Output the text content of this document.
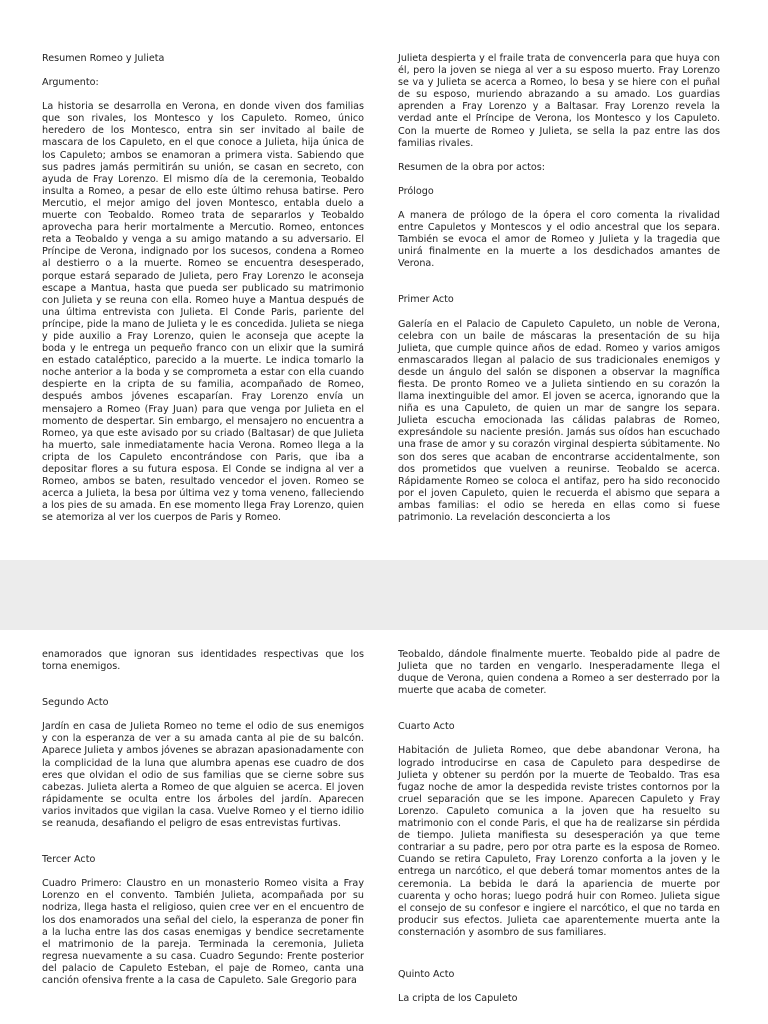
Resumen Romeo y Julieta

Argumento:

La historia se desarrolla en Verona, en donde viven dos familias que son rivales, los Montesco y los Capuleto. Romeo, único heredero de los Montesco, entra sin ser invitado al baile de mascara de los Capuleto, en el que conoce a Julieta, hija única de los Capuleto; ambos se enamoran a primera vista. Sabiendo que sus padres jamás permitirán su unión, se casan en secreto, con ayuda de Fray Lorenzo. El mismo día de la ceremonia, Teobaldo insulta a Romeo, a pesar de ello este último rehusa batirse. Pero Mercutio, el mejor amigo del joven Montesco, entabla duelo a muerte con Teobaldo. Romeo trata de separarlos y Teobaldo aprovecha para herir mortalmente a Mercutio. Romeo, entonces reta a Teobaldo y venga a su amigo matando a su adversario. El Príncipe de Verona, indignado por los sucesos, condena a Romeo al destierro o a la muerte. Romeo se encuentra desesperado, porque estará separado de Julieta, pero Fray Lorenzo le aconseja escape a Mantua, hasta que pueda ser publicado su matrimonio con Julieta y se reuna con ella. Romeo huye a Mantua después de una última entrevista con Julieta. El Conde Paris, pariente del príncipe, pide la mano de Julieta y le es concedida. Julieta se niega y pide auxilio a Fray Lorenzo, quien le aconseja que acepte la boda y le entrega un pequeño franco con un elixir que la sumirá en estado cataléptico, parecido a la muerte. Le indica tomarlo la noche anterior a la boda y se comprometa a estar con ella cuando despierte en la cripta de su familia, acompañado de Romeo, después ambos jóvenes escaparían. Fray Lorenzo envía un mensajero a Romeo (Fray Juan) para que venga por Julieta en el momento de despertar. Sin embargo, el mensajero no encuentra a Romeo, ya que este avisado por su criado (Baltasar) de que Julieta ha muerto, sale inmediatamente hacia Verona. Romeo llega a la cripta de los Capuleto encontrándose con Paris, que iba a depositar flores a su futura esposa. El Conde se indigna al ver a Romeo, ambos se baten, resultado vencedor el joven. Romeo se acerca a Julieta, la besa por última vez y toma veneno, falleciendo a los pies de su amada. En ese momento llega Fray Lorenzo, quien se atemoriza al ver los cuerpos de Paris y Romeo.

Julieta despierta y el fraile trata de convencerla para que huya con él, pero la joven se niega al ver a su esposo muerto. Fray Lorenzo se va y Julieta se acerca a Romeo, lo besa y se hiere con el puñal de su esposo, muriendo abrazando a su amado. Los guardias aprenden a Fray Lorenzo y a Baltasar. Fray Lorenzo revela la verdad ante el Príncipe de Verona, los Montesco y los Capuleto. Con la muerte de Romeo y Julieta, se sella la paz entre las dos familias rivales.

Resumen de la obra por actos:

Prólogo

A manera de prólogo de la ópera el coro comenta la rivalidad entre Capuletos y Montescos y el odio ancestral que los separa. También se evoca el amor de Romeo y Julieta y la tragedia que unirá finalmente en la muerte a los desdichados amantes de Verona.

Primer Acto

Galería en el Palacio de Capuleto Capuleto, un noble de Verona, celebra con un baile de máscaras la presentación de su hija Julieta, que cumple quince años de edad. Romeo y varios amigos enmascarados llegan al palacio de sus tradicionales enemigos y desde un ángulo del salón se disponen a observar la magnífica fiesta. De pronto Romeo ve a Julieta sintiendo en su corazón la llama inextinguible del amor. El joven se acerca, ignorando que la niña es una Capuleto, de quien un mar de sangre los separa. Julieta escucha emocionada las cálidas palabras de Romeo, expresándole su naciente presión. Jamás sus oídos han escuchado una frase de amor y su corazón virginal despierta súbitamente. No son dos seres que acaban de encontrarse accidentalmente, son dos prometidos que vuelven a reunirse. Teobaldo se acerca. Rápidamente Romeo se coloca el antifaz, pero ha sido reconocido por el joven Capuleto, quien le recuerda el abismo que separa a ambas familias: el odio se hereda en ellas como si fuese patrimonio. La revelación desconcierta a los

enamorados que ignoran sus identidades respectivas que los torna enemigos.

Segundo Acto

Jardín en casa de Julieta Romeo no teme el odio de sus enemigos y con la esperanza de ver a su amada canta al pie de su balcón. Aparece Julieta y ambos jóvenes se abrazan apasionadamente con la complicidad de la luna que alumbra apenas ese cuadro de dos eres que olvidan el odio de sus familias que se cierne sobre sus cabezas. Julieta alerta a Romeo de que alguien se acerca. El joven rápidamente se oculta entre los árboles del jardín. Aparecen varios invitados que vigilan la casa. Vuelve Romeo y el tierno idilio se reanuda, desafiando el peligro de esas entrevistas furtivas.

Tercer Acto

Cuadro Primero: Claustro en un monasterio Romeo visita a Fray Lorenzo en el convento. También Julieta, acompañada por su nodriza, llega hasta el religioso, quien cree ver en el encuentro de los dos enamorados una señal del cielo, la esperanza de poner fin a la lucha entre las dos casas enemigas y bendice secretamente el matrimonio de la pareja. Terminada la ceremonia, Julieta regresa nuevamente a su casa. Cuadro Segundo: Frente posterior del palacio de Capuleto Esteban, el paje de Romeo, canta una canción ofensiva frente a la casa de Capuleto. Sale Gregorio para

Teobaldo, dándole finalmente muerte. Teobaldo pide al padre de Julieta que no tarden en vengarlo. Inesperadamente llega el duque de Verona, quien condena a Romeo a ser desterrado por la muerte que acaba de cometer.

Cuarto Acto

Habitación de Julieta Romeo, que debe abandonar Verona, ha logrado introducirse en casa de Capuleto para despedirse de Julieta y obtener su perdón por la muerte de Teobaldo. Tras esa fugaz noche de amor la despedida reviste tristes contornos por la cruel separación que se les impone. Aparecen Capuleto y Fray Lorenzo. Capuleto comunica a la joven que ha resuelto su matrimonio con el conde Paris, el que ha de realizarse sin pérdida de tiempo. Julieta manifiesta su desesperación ya que teme contrariar a su padre, pero por otra parte es la esposa de Romeo. Cuando se retira Capuleto, Fray Lorenzo conforta a la joven y le entrega un narcótico, el que deberá tomar momentos antes de la ceremonia. La bebida le dará la apariencia de muerte por cuarenta y ocho horas; luego podrá huir con Romeo. Julieta sigue el consejo de su confesor e ingiere el narcótico, el que no tarda en producir sus efectos. Julieta cae aparentemente muerta ante la consternación y asombro de sus familiares.

Quinto Acto

La cripta de los Capuleto
